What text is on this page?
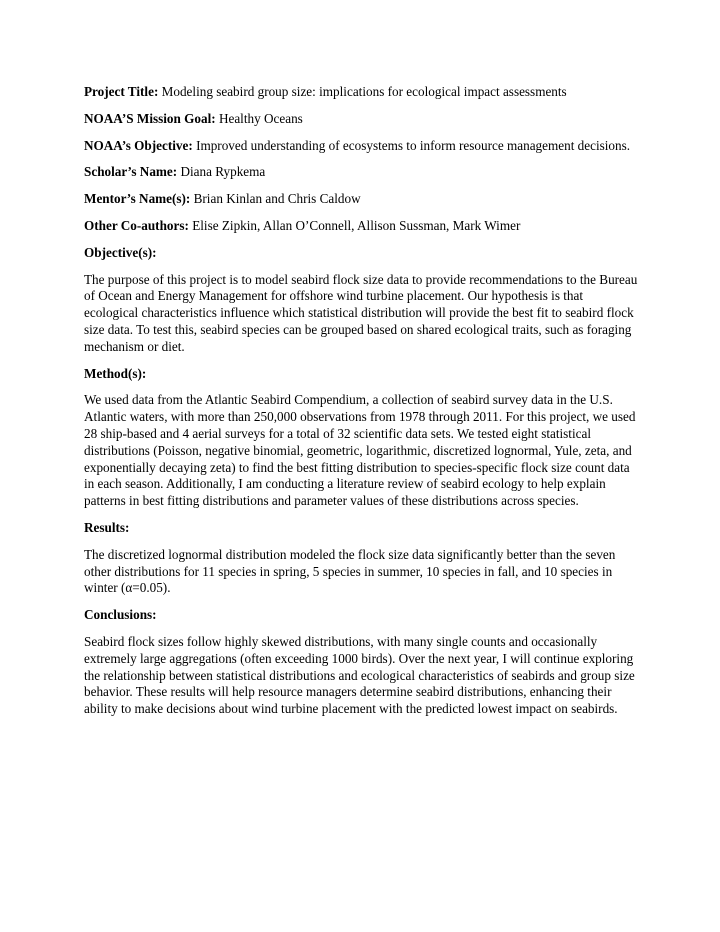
Project Title: Modeling seabird group size: implications for ecological impact assessments

NOAA’S Mission Goal: Healthy Oceans

NOAA’s Objective: Improved understanding of ecosystems to inform resource management decisions.

Scholar’s Name: Diana Rypkema

Mentor’s Name(s): Brian Kinlan and Chris Caldow

Other Co-authors: Elise Zipkin, Allan O’Connell, Allison Sussman, Mark Wimer

Objective(s):

The purpose of this project is to model seabird flock size data to provide recommendations to the Bureau of Ocean and Energy Management for offshore wind turbine placement. Our hypothesis is that ecological characteristics influence which statistical distribution will provide the best fit to seabird flock size data. To test this, seabird species can be grouped based on shared ecological traits, such as foraging mechanism or diet.

Method(s):

We used data from the Atlantic Seabird Compendium, a collection of seabird survey data in the U.S. Atlantic waters, with more than 250,000 observations from 1978 through 2011. For this project, we used 28 ship-based and 4 aerial surveys for a total of 32 scientific data sets. We tested eight statistical distributions (Poisson, negative binomial, geometric, logarithmic, discretized lognormal, Yule, zeta, and exponentially decaying zeta) to find the best fitting distribution to species-specific flock size count data in each season. Additionally, I am conducting a literature review of seabird ecology to help explain patterns in best fitting distributions and parameter values of these distributions across species.

Results:

The discretized lognormal distribution modeled the flock size data significantly better than the seven other distributions for 11 species in spring, 5 species in summer, 10 species in fall, and 10 species in winter (α=0.05).

Conclusions:

Seabird flock sizes follow highly skewed distributions, with many single counts and occasionally extremely large aggregations (often exceeding 1000 birds). Over the next year, I will continue exploring the relationship between statistical distributions and ecological characteristics of seabirds and group size behavior. These results will help resource managers determine seabird distributions, enhancing their ability to make decisions about wind turbine placement with the predicted lowest impact on seabirds.
